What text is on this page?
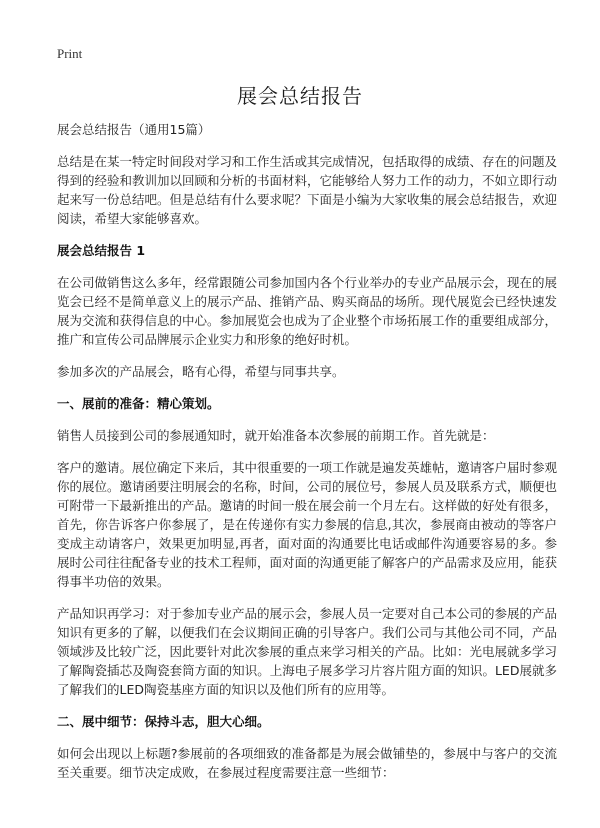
Print
展会总结报告

展会总结报告（通用15篇）

总结是在某一特定时间段对学习和工作生活或其完成情况，包括取得的成绩、存在的问题及得到的经验和教训加以回顾和分析的书面材料，它能够给人努力工作的动力，不如立即行动起来写一份总结吧。但是总结有什么要求呢？下面是小编为大家收集的展会总结报告，欢迎阅读，希望大家能够喜欢。

展会总结报告 1

在公司做销售这么多年，经常跟随公司参加国内各个行业举办的专业产品展示会，现在的展览会已经不是简单意义上的展示产品、推销产品、购买商品的场所。现代展览会已经快速发展为交流和获得信息的中心。参加展览会也成为了企业整个市场拓展工作的重要组成部分，推广和宣传公司品牌展示企业实力和形象的绝好时机。

参加多次的产品展会，略有心得，希望与同事共享。

一、展前的准备：精心策划。

销售人员接到公司的参展通知时，就开始准备本次参展的前期工作。首先就是：

客户的邀请。展位确定下来后，其中很重要的一项工作就是遍发英雄帖，邀请客户届时参观你的展位。邀请函要注明展会的名称，时间，公司的展位号，参展人员及联系方式，顺便也可附带一下最新推出的产品。邀请的时间一般在展会前一个月左右。这样做的好处有很多，首先，你告诉客户你参展了，是在传递你有实力参展的信息,其次，参展商由被动的等客户变成主动请客户，效果更加明显,再者，面对面的沟通要比电话或邮件沟通要容易的多。参展时公司往往配备专业的技术工程师，面对面的沟通更能了解客户的产品需求及应用，能获得事半功倍的效果。

产品知识再学习：对于参加专业产品的展示会，参展人员一定要对自己本公司的参展的产品知识有更多的了解，以便我们在会议期间正确的引导客户。我们公司与其他公司不同，产品领域涉及比较广泛，因此要针对此次参展的重点来学习相关的产品。比如：光电展就多学习了解陶瓷插芯及陶瓷套筒方面的知识。上海电子展多学习片容片阻方面的知识。LED展就多了解我们的LED陶瓷基座方面的知识以及他们所有的应用等。

二、展中细节：保持斗志，胆大心细。

如何会出现以上标题?参展前的各项细致的准备都是为展会做铺垫的，参展中与客户的交流至关重要。细节决定成败，在参展过程度需要注意一些细节：
